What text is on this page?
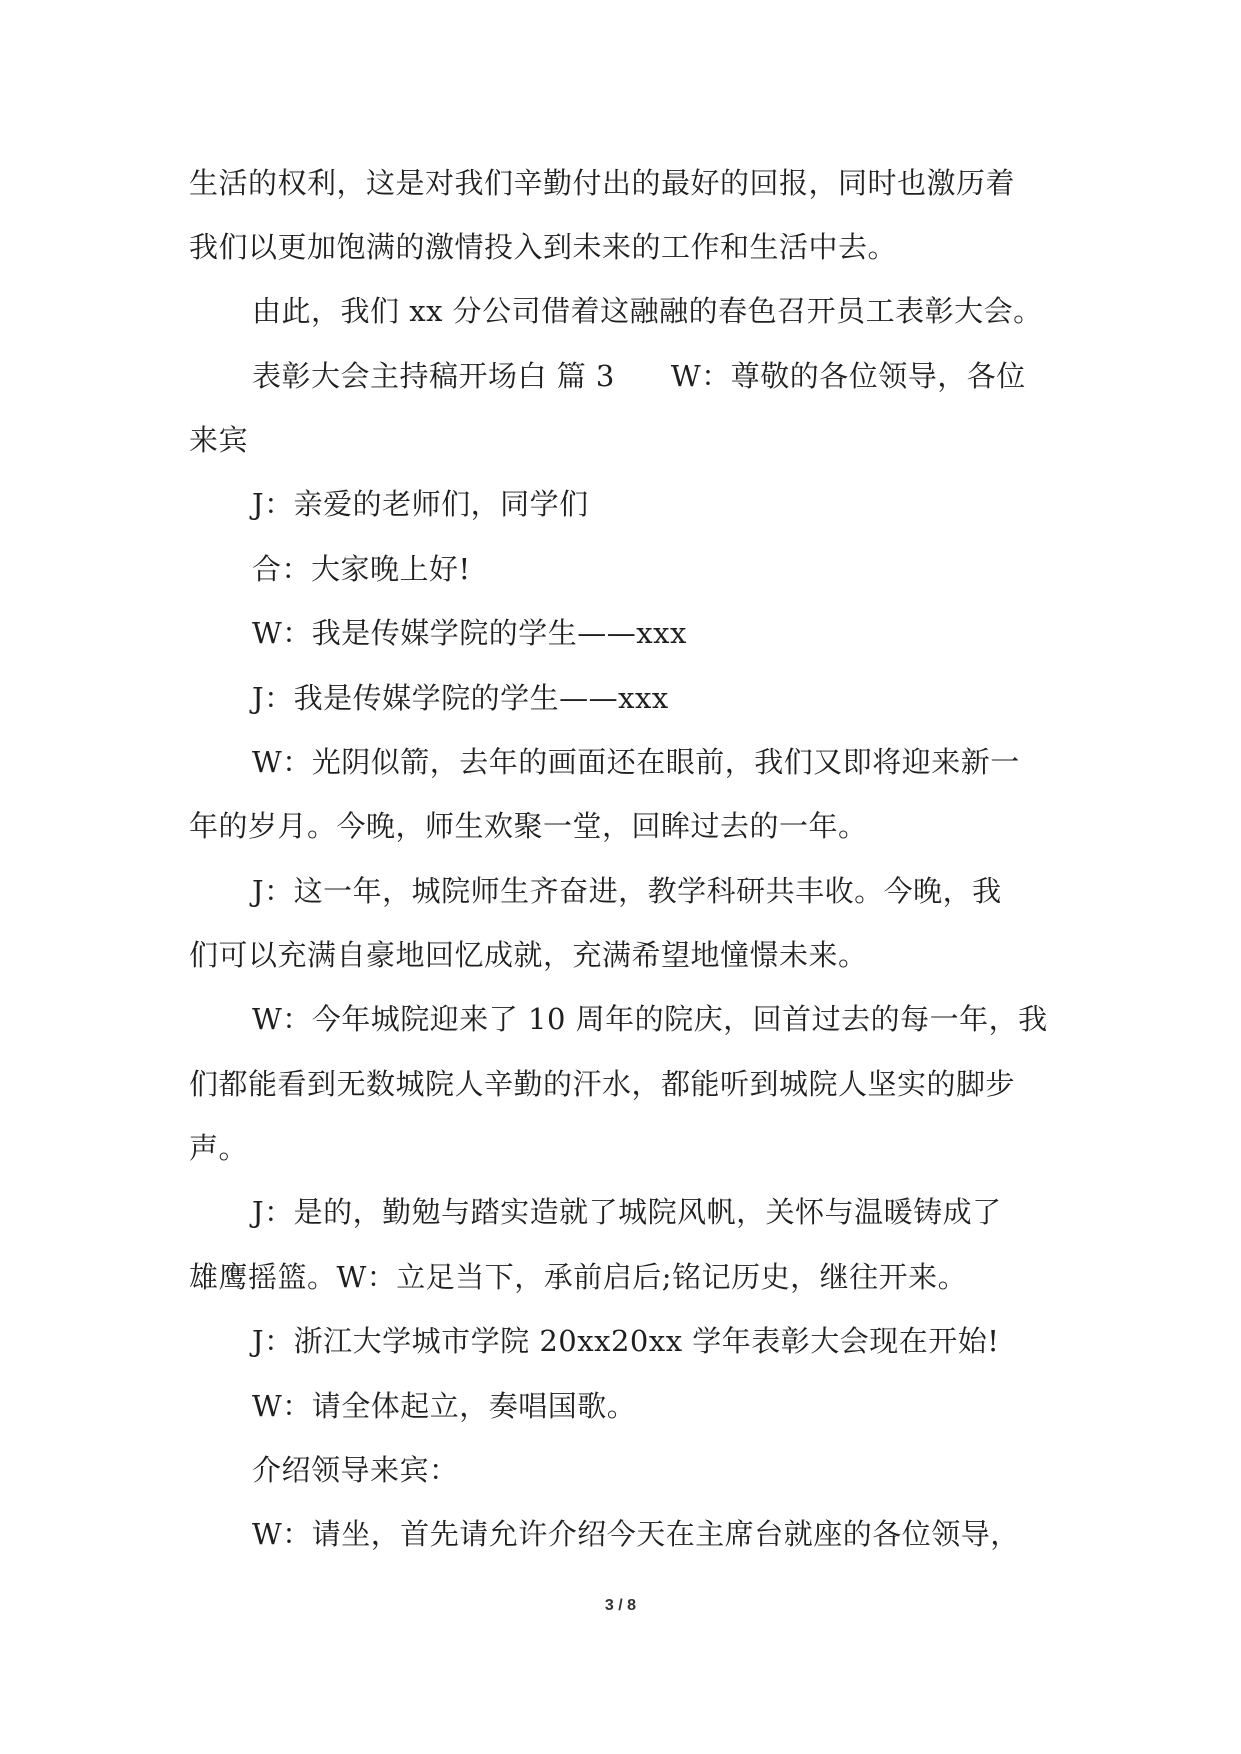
生活的权利，这是对我们辛勤付出的最好的回报，同时也激历着
我们以更加饱满的激情投入到未来的工作和生活中去。
由此，我们 xx 分公司借着这融融的春色召开员工表彰大会。
表彰大会主持稿开场白 篇 3 W：尊敬的各位领导，各位
来宾
J：亲爱的老师们，同学们
合：大家晚上好!
W：我是传媒学院的学生——xxx
J：我是传媒学院的学生——xxx
W：光阴似箭，去年的画面还在眼前，我们又即将迎来新一
年的岁月。今晚，师生欢聚一堂，回眸过去的一年。
J：这一年，城院师生齐奋进，教学科研共丰收。今晚，我
们可以充满自豪地回忆成就，充满希望地憧憬未来。
W：今年城院迎来了 10 周年的院庆，回首过去的每一年，我
们都能看到无数城院人辛勤的汗水，都能听到城院人坚实的脚步
声。
J：是的，勤勉与踏实造就了城院风帆，关怀与温暖铸成了
雄鹰摇篮。W：立足当下，承前启后;铭记历史，继往开来。
J：浙江大学城市学院 20xx20xx 学年表彰大会现在开始!
W：请全体起立，奏唱国歌。
介绍领导来宾：
W：请坐，首先请允许介绍今天在主席台就座的各位领导，
3 / 8
